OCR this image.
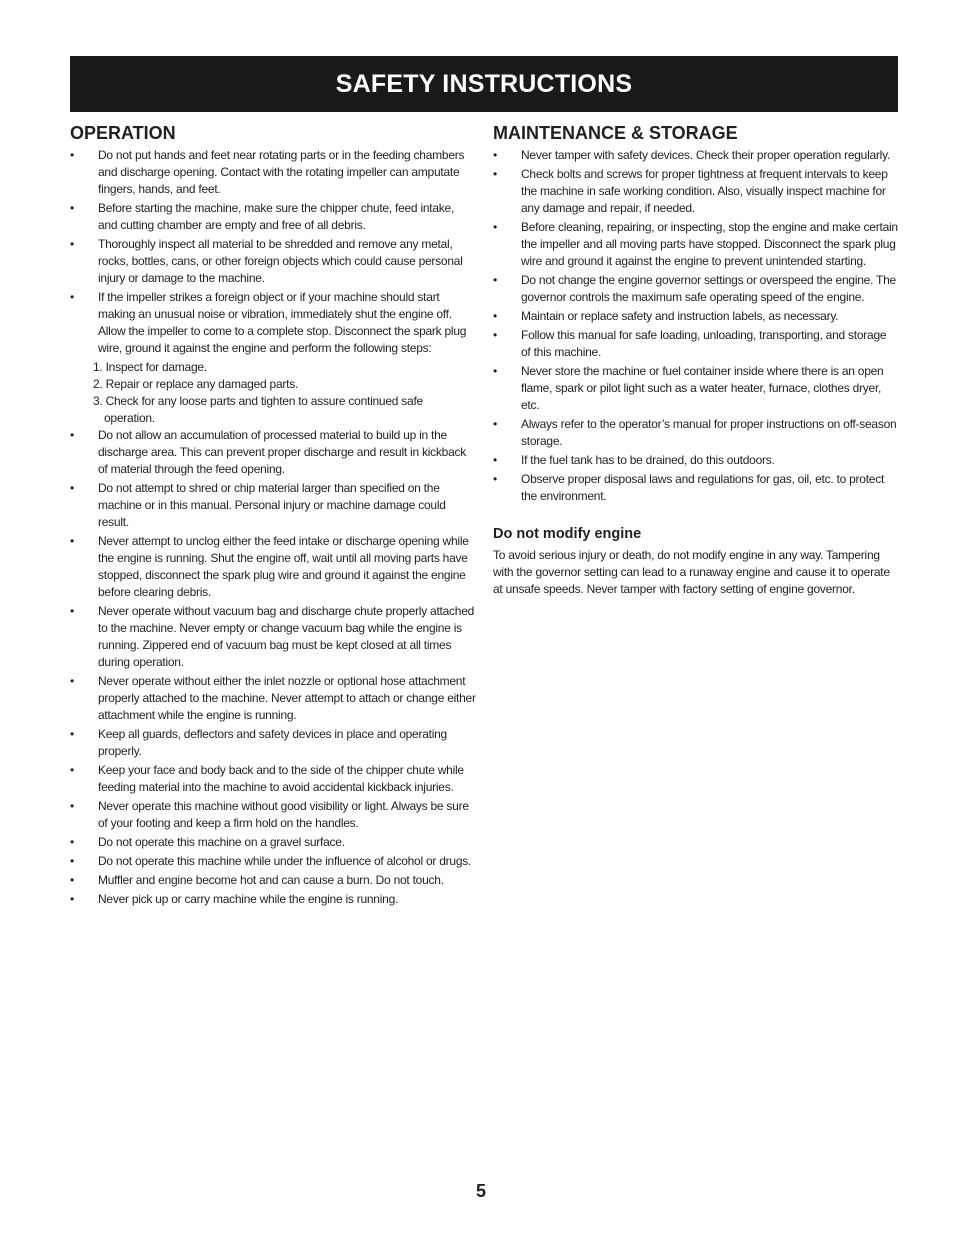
SAFETY INSTRUCTIONS
OPERATION
• Do not put hands and feet near rotating parts or in the feeding chambers and discharge opening. Contact with the rotating impeller can amputate fingers, hands, and feet.
• Before starting the machine, make sure the chipper chute, feed intake, and cutting chamber are empty and free of all debris.
• Thoroughly inspect all material to be shredded and remove any metal, rocks, bottles, cans, or other foreign objects which could cause personal injury or damage to the machine.
• If the impeller strikes a foreign object or if your machine should start making an unusual noise or vibration, immediately shut the engine off. Allow the impeller to come to a complete stop. Disconnect the spark plug wire, ground it against the engine and perform the following steps:
1. Inspect for damage.
2. Repair or replace any damaged parts.
3. Check for any loose parts and tighten to assure continued safe
operation.
• Do not allow an accumulation of processed material to build up in the discharge area. This can prevent proper discharge and result in kickback of material through the feed opening.
• Do not attempt to shred or chip material larger than specified on the machine or in this manual. Personal injury or machine damage could result.
• Never attempt to unclog either the feed intake or discharge opening while the engine is running. Shut the engine off, wait until all moving parts have stopped, disconnect the spark plug wire and ground it against the engine before clearing debris.
• Never operate without vacuum bag and discharge chute properly attached to the machine. Never empty or change vacuum bag while the engine is running. Zippered end of vacuum bag must be kept closed at all times during operation.
• Never operate without either the inlet nozzle or optional hose attachment properly attached to the machine. Never attempt to attach or change either attachment while the engine is running.
• Keep all guards, deflectors and safety devices in place and operating properly.
• Keep your face and body back and to the side of the chipper chute while feeding material into the machine to avoid accidental kickback injuries.
• Never operate this machine without good visibility or light. Always be sure of your footing and keep a firm hold on the handles.
• Do not operate this machine on a gravel surface.
• Do not operate this machine while under the influence of alcohol or drugs.
• Muffler and engine become hot and can cause a burn. Do not touch.
• Never pick up or carry machine while the engine is running.
MAINTENANCE & STORAGE
• Never tamper with safety devices. Check their proper operation regularly.
• Check bolts and screws for proper tightness at frequent intervals to keep the machine in safe working condition. Also, visually inspect machine for any damage and repair, if needed.
• Before cleaning, repairing, or inspecting, stop the engine and make certain the impeller and all moving parts have stopped. Disconnect the spark plug wire and ground it against the engine to prevent unintended starting.
• Do not change the engine governor settings or overspeed the engine. The governor controls the maximum safe operating speed of the engine.
• Maintain or replace safety and instruction labels, as necessary.
• Follow this manual for safe loading, unloading, transporting, and storage of this machine.
• Never store the machine or fuel container inside where there is an open flame, spark or pilot light such as a water heater, furnace, clothes dryer, etc.
• Always refer to the operator’s manual for proper instructions on off-season storage.
• If the fuel tank has to be drained, do this outdoors.
• Observe proper disposal laws and regulations for gas, oil, etc. to protect the environment.
Do not modify engine

To avoid serious injury or death, do not modify engine in any way. Tampering with the governor setting can lead to a runaway engine and cause it to operate at unsafe speeds. Never tamper with factory setting of engine governor.

5
